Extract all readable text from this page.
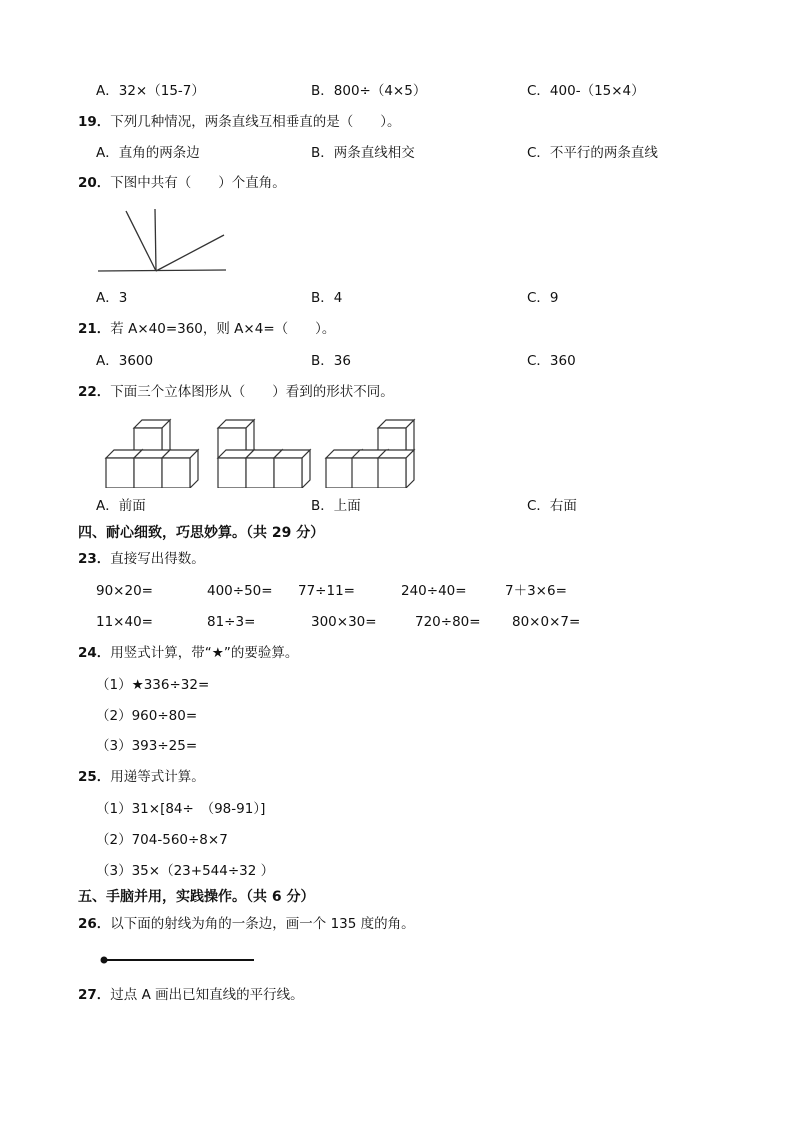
A．32×（15-7）	B．800÷（4×5）	C．400-（15×4）
19．下列几种情况，两条直线互相垂直的是（　　）。
A．直角的两条边	B．两条直线相交	C．不平行的两条直线
20．下图中共有（　　）个直角。
A．3	B．4	C．9
21．若 A×40=360，则 A×4=（　　）。
A．3600	B．36	C．360
22．下面三个立体图形从（　　）看到的形状不同。
A．前面	B．上面	C．右面
四、耐心细致，巧思妙算。（共 29 分）
23．直接写出得数。
90×20=	400÷50= 77÷11=	240÷40=	7＋3×6=
11×40=	81÷3=	300×30=	720÷80= 80×0×7=
24．用竖式计算，带“★”的要验算。
（1）★336÷32=
（2）960÷80=
（3）393÷25=
25．用递等式计算。
（1）31×[84÷　（98-91）]
（2）704-560÷8×7
（3）35×（23+544÷32 ）
五、手脑并用，实践操作。（共 6 分）
26．以下面的射线为角的一条边，画一个 135 度的角。
27．过点 A 画出已知直线的平行线。
